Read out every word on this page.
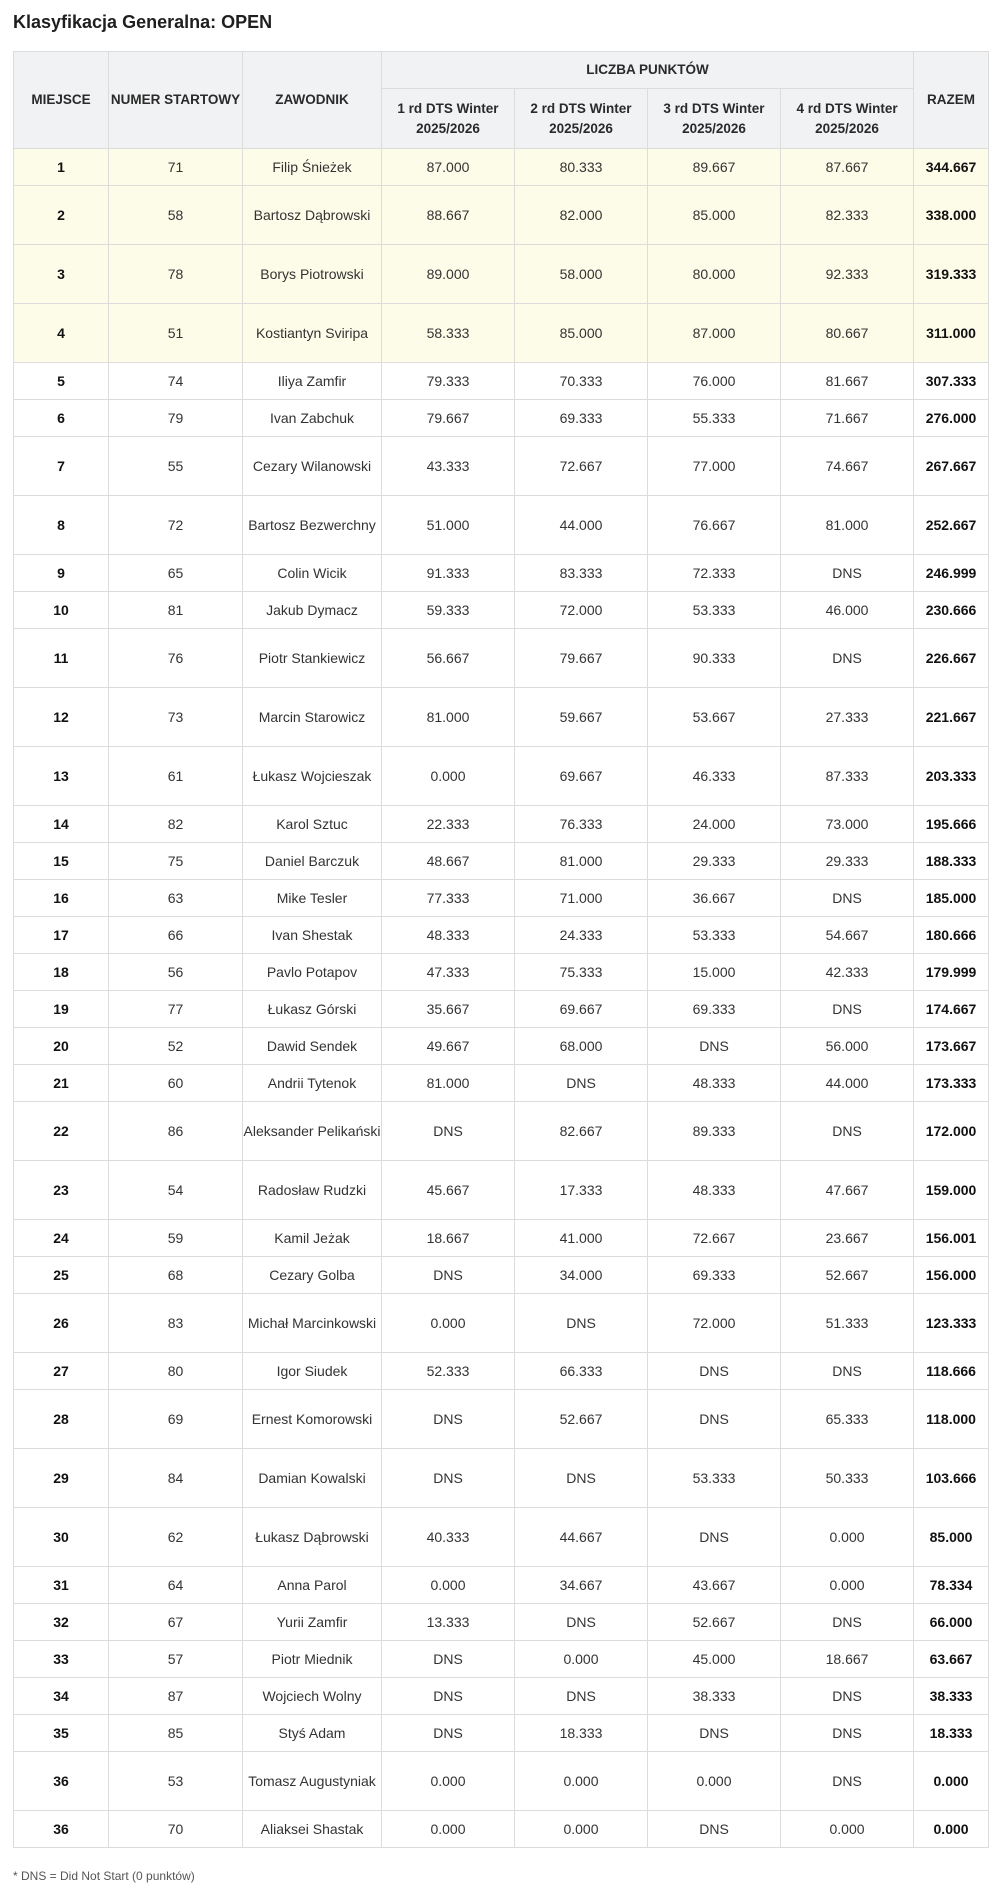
Klasyfikacja Generalna: OPEN
MIEJSCE	NUMER STARTOWY	ZAWODNIK	LICZBA PUNKTÓW				RAZEM
			1 rd DTS Winter 2025/2026	2 rd DTS Winter 2025/2026	3 rd DTS Winter 2025/2026	4 rd DTS Winter 2025/2026	
1	71	Filip Śnieżek	87.000	80.333	89.667	87.667	344.667
2	58	Bartosz Dąbrowski	88.667	82.000	85.000	82.333	338.000
3	78	Borys Piotrowski	89.000	58.000	80.000	92.333	319.333
4	51	Kostiantyn Sviripa	58.333	85.000	87.000	80.667	311.000
5	74	Iliya Zamfir	79.333	70.333	76.000	81.667	307.333
6	79	Ivan Zabchuk	79.667	69.333	55.333	71.667	276.000
7	55	Cezary Wilanowski	43.333	72.667	77.000	74.667	267.667
8	72	Bartosz Bezwerchny	51.000	44.000	76.667	81.000	252.667
9	65	Colin Wicik	91.333	83.333	72.333	DNS	246.999
10	81	Jakub Dymacz	59.333	72.000	53.333	46.000	230.666
11	76	Piotr Stankiewicz	56.667	79.667	90.333	DNS	226.667
12	73	Marcin Starowicz	81.000	59.667	53.667	27.333	221.667
13	61	Łukasz Wojcieszak	0.000	69.667	46.333	87.333	203.333
14	82	Karol Sztuc	22.333	76.333	24.000	73.000	195.666
15	75	Daniel Barczuk	48.667	81.000	29.333	29.333	188.333
16	63	Mike Tesler	77.333	71.000	36.667	DNS	185.000
17	66	Ivan Shestak	48.333	24.333	53.333	54.667	180.666
18	56	Pavlo Potapov	47.333	75.333	15.000	42.333	179.999
19	77	Łukasz Górski	35.667	69.667	69.333	DNS	174.667
20	52	Dawid Sendek	49.667	68.000	DNS	56.000	173.667
21	60	Andrii Tytenok	81.000	DNS	48.333	44.000	173.333
22	86	Aleksander Pelikański	DNS	82.667	89.333	DNS	172.000
23	54	Radosław Rudzki	45.667	17.333	48.333	47.667	159.000
24	59	Kamil Jeżak	18.667	41.000	72.667	23.667	156.001
25	68	Cezary Golba	DNS	34.000	69.333	52.667	156.000
26	83	Michał Marcinkowski	0.000	DNS	72.000	51.333	123.333
27	80	Igor Siudek	52.333	66.333	DNS	DNS	118.666
28	69	Ernest Komorowski	DNS	52.667	DNS	65.333	118.000
29	84	Damian Kowalski	DNS	DNS	53.333	50.333	103.666
30	62	Łukasz Dąbrowski	40.333	44.667	DNS	0.000	85.000
31	64	Anna Parol	0.000	34.667	43.667	0.000	78.334
32	67	Yurii Zamfir	13.333	DNS	52.667	DNS	66.000
33	57	Piotr Miednik	DNS	0.000	45.000	18.667	63.667
34	87	Wojciech Wolny	DNS	DNS	38.333	DNS	38.333
35	85	Styś Adam	DNS	18.333	DNS	DNS	18.333
36	53	Tomasz Augustyniak	0.000	0.000	0.000	DNS	0.000
36	70	Aliaksei Shastak	0.000	0.000	DNS	0.000	0.000
* DNS = Did Not Start (0 punktów)
